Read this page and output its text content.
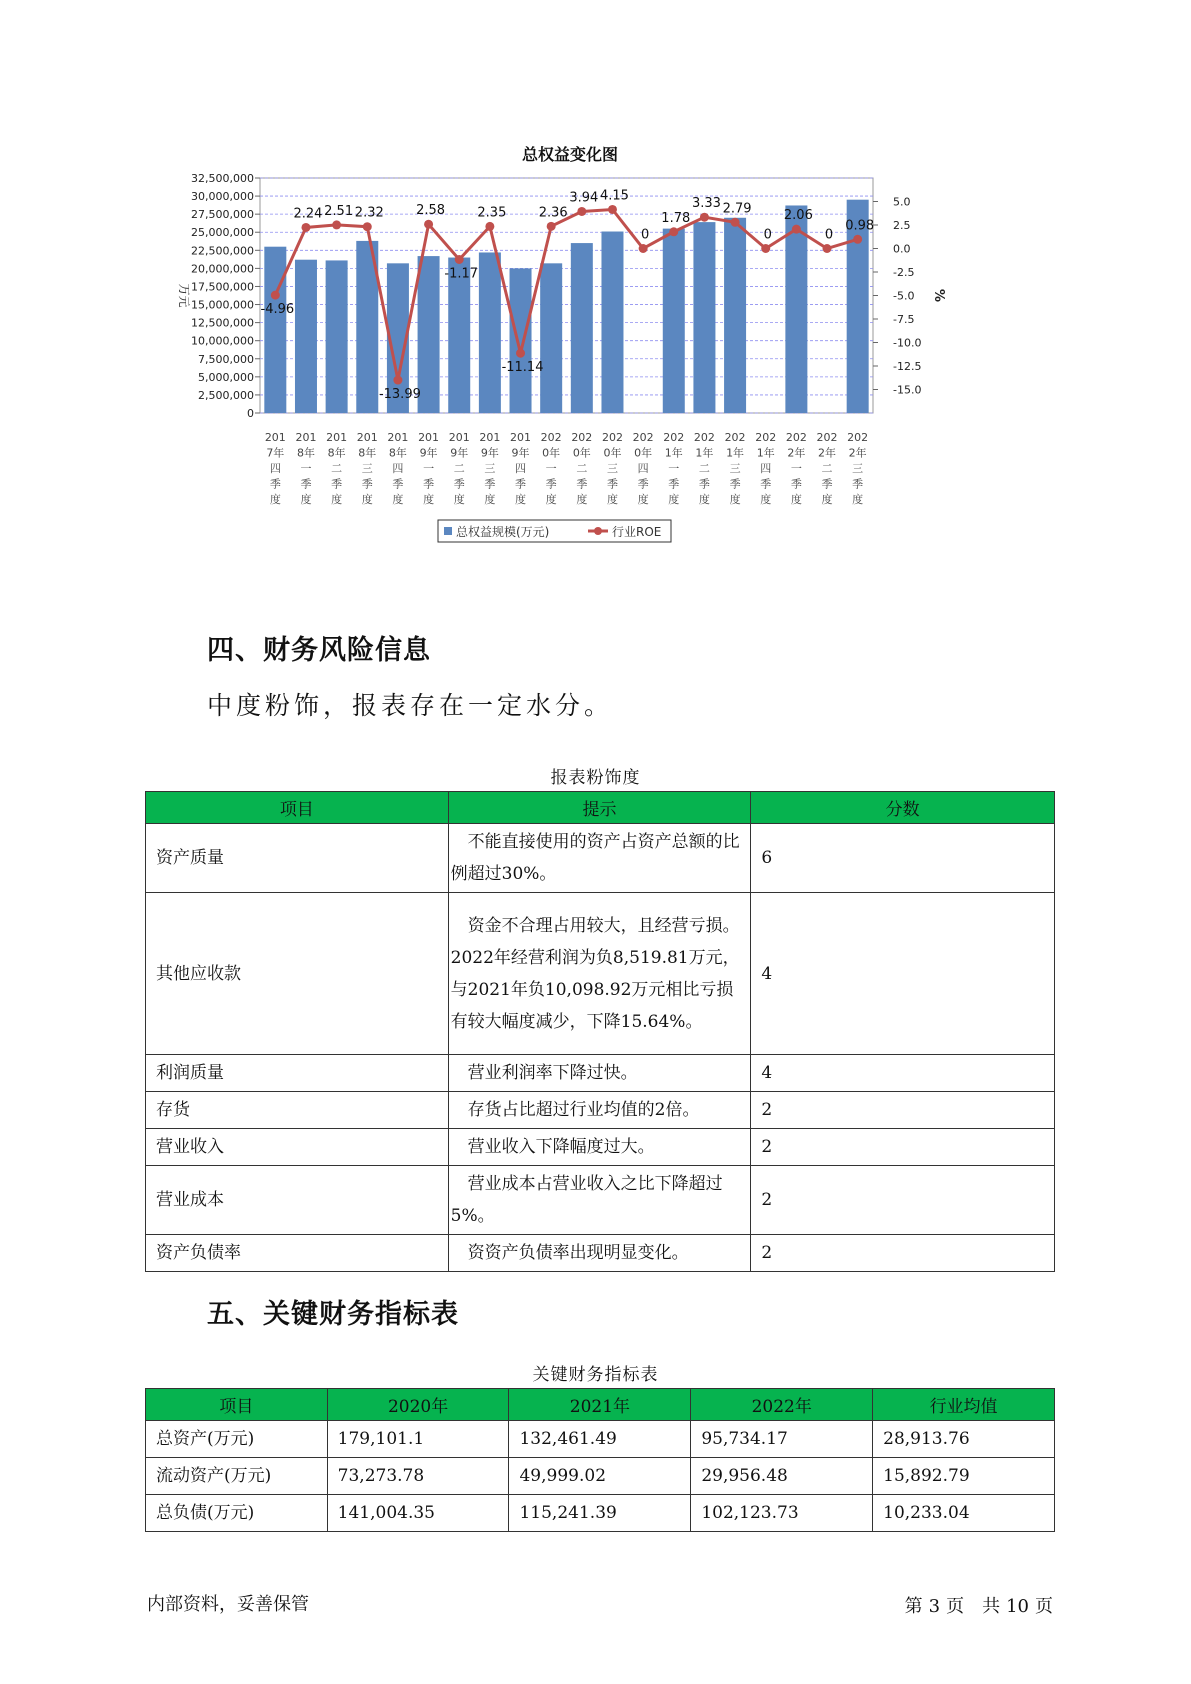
总权益变化图
32,500,000
30,000,000
27,500,000
25,000,000
22,500,000
20,000,000
17,500,000
15,000,000
12,500,000
10,000,000
7,500,000
5,000,000
2,500,000
0
5.0
2.5
0.0
-2.5
-5.0
-7.5
-10.0
-12.5
-15.0
万元	%
201
7年
四
季
度
201
8年
一
季
度
201
8年
二
季
度
201
8年
三
季
度
201
8年
四
季
度
201
9年
一
季
度
201
9年
二
季
度
201
9年
三
季
度
201
9年
四
季
度
202
0年
一
季
度
202
0年
二
季
度
202
0年
三
季
度
202
0年
四
季
度
202
1年
一
季
度
202
1年
二
季
度
202
1年
三
季
度
202
1年
四
季
度
202
2年
一
季
度
202
2年
二
季
度
202
2年
三
季
度
-4.96
2.24 2.51 2.32
-13.99
2.58
-1.17
2.35
-11.14
2.36
3.94 4.15
0
1.78
3.33 2.79
0
2.06
0
0.98
总权益规模(万元)	行业ROE
四、财务风险信息
中度粉饰，报表存在一定水分。
报表粉饰度
项目	提示	分数
资产质量	　不能直接使用的资产占资产总额的比例超过30%。	6
其他应收款	　资金不合理占用较大，且经营亏损。2022年经营利润为负8,519.81万元，与2021年负10,098.92万元相比亏损有较大幅度减少，下降15.64%。	4
利润质量	　营业利润率下降过快。	4
存货	　存货占比超过行业均值的2倍。	2
营业收入	　营业收入下降幅度过大。	2
营业成本	　营业成本占营业收入之比下降超过5%。	2
资产负债率	　资资产负债率出现明显变化。	2
五、关键财务指标表
关键财务指标表
项目	2020年	2021年	2022年	行业均值
总资产(万元)	179,101.1	132,461.49	95,734.17	28,913.76
流动资产(万元)	73,273.78	49,999.02	29,956.48	15,892.79
总负债(万元)	141,004.35	115,241.39	102,123.73	10,233.04
内部资料，妥善保管	第 3 页　共 10 页
